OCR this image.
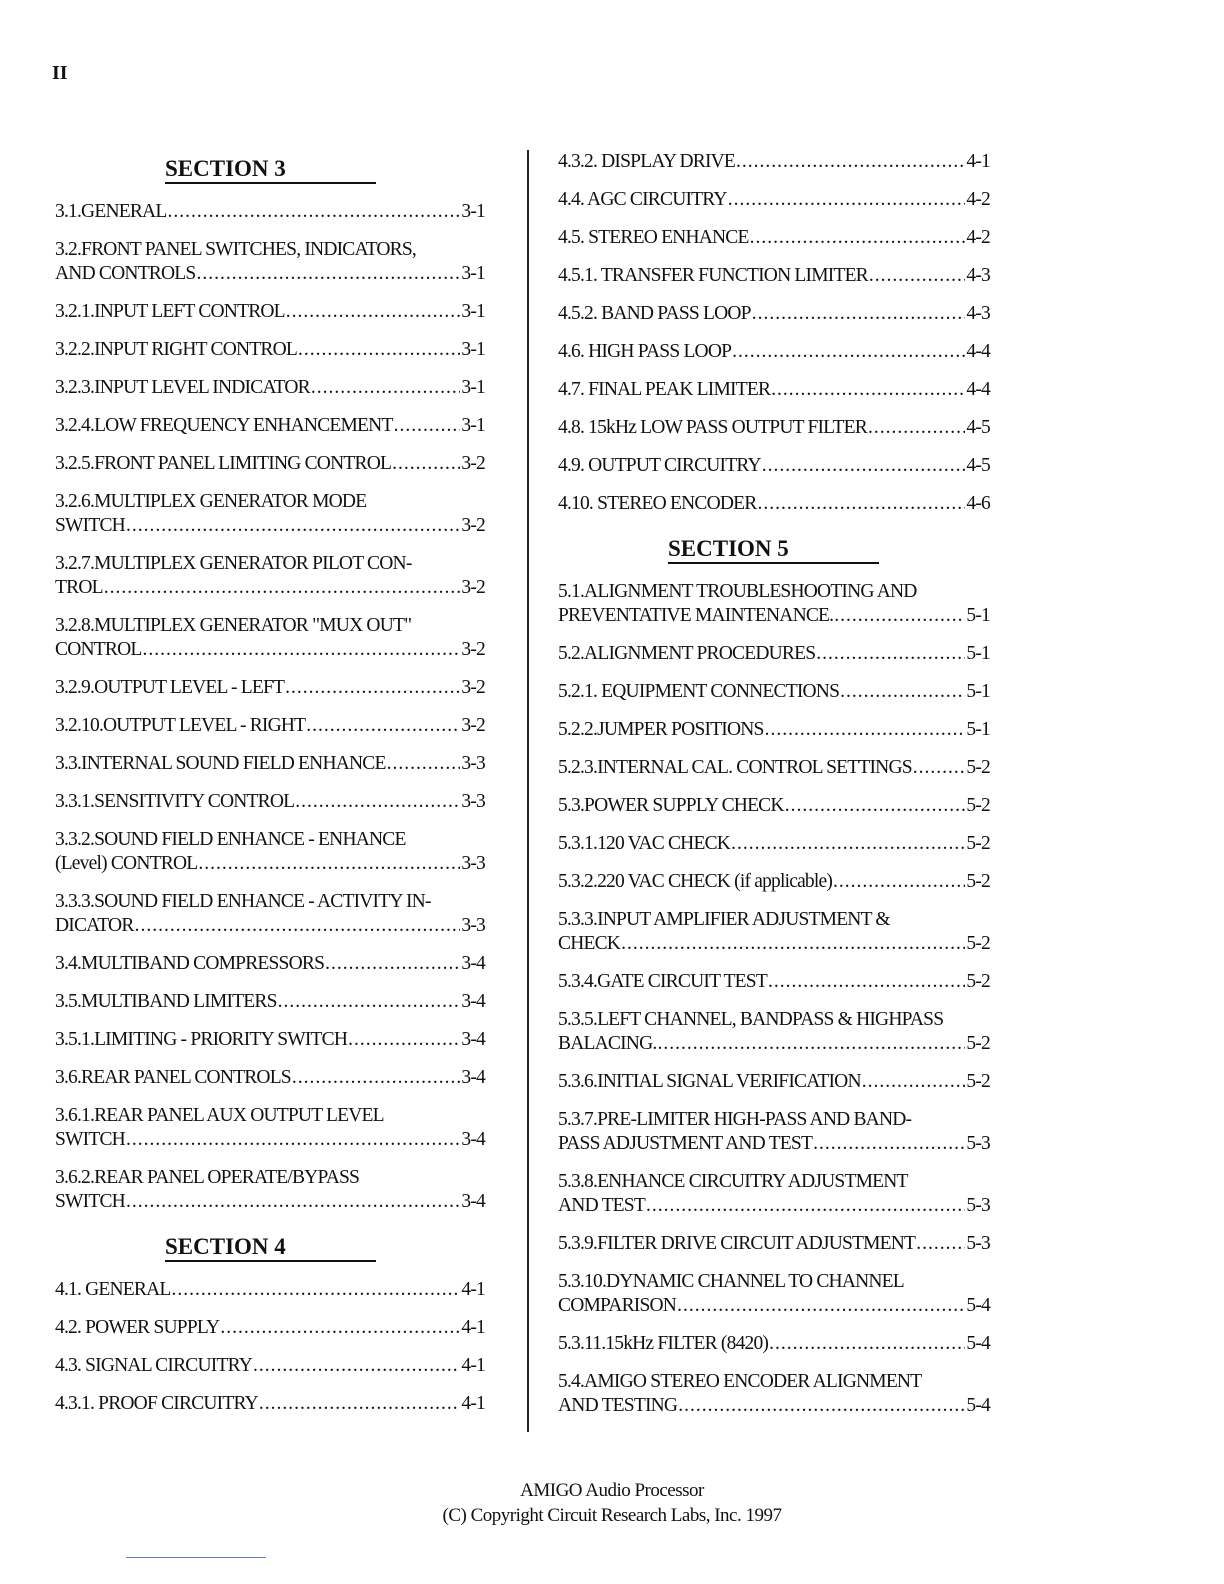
II
SECTION 3
3.1.GENERAL .....	3-1
3.2.FRONT PANEL SWITCHES, INDICATORS,
AND CONTROLS .....	3-1
3.2.1.INPUT LEFT CONTROL .....	3-1
3.2.2.INPUT RIGHT CONTROL .....	3-1
3.2.3.INPUT LEVEL INDICATOR .....	3-1
3.2.4.LOW FREQUENCY ENHANCEMENT .....	3-1
3.2.5.FRONT PANEL LIMITING CONTROL .....	3-2
3.2.6.MULTIPLEX GENERATOR MODE
SWITCH .....	3-2
3.2.7.MULTIPLEX GENERATOR PILOT CON-
TROL .....	3-2
3.2.8.MULTIPLEX GENERATOR "MUX OUT"
CONTROL .....	3-2
3.2.9.OUTPUT LEVEL - LEFT .....	3-2
3.2.10.OUTPUT LEVEL - RIGHT .....	3-2
3.3.INTERNAL SOUND FIELD ENHANCE .....	3-3
3.3.1.SENSITIVITY CONTROL .....	3-3
3.3.2.SOUND FIELD ENHANCE - ENHANCE
(Level) CONTROL .....	3-3
3.3.3.SOUND FIELD ENHANCE - ACTIVITY IN-
DICATOR .....	3-3
3.4.MULTIBAND COMPRESSORS .....	3-4
3.5.MULTIBAND LIMITERS .....	3-4
3.5.1.LIMITING - PRIORITY SWITCH .....	3-4
3.6.REAR PANEL CONTROLS .....	3-4
3.6.1.REAR PANEL AUX OUTPUT LEVEL
SWITCH .....	3-4
3.6.2.REAR PANEL OPERATE/BYPASS
SWITCH .....	3-4
SECTION 4
4.1. GENERAL .....	4-1
4.2. POWER SUPPLY .....	4-1
4.3. SIGNAL CIRCUITRY .....	4-1
4.3.1. PROOF CIRCUITRY .....	4-1
4.3.2. DISPLAY DRIVE .....	4-1
4.4. AGC CIRCUITRY .....	4-2
4.5. STEREO ENHANCE .....	4-2
4.5.1. TRANSFER FUNCTION LIMITER .....	4-3
4.5.2. BAND PASS LOOP .....	4-3
4.6. HIGH PASS LOOP .....	4-4
4.7. FINAL PEAK LIMITER .....	4-4
4.8. 15kHz LOW PASS OUTPUT FILTER .....	4-5
4.9. OUTPUT CIRCUITRY .....	4-5
4.10. STEREO ENCODER .....	4-6
SECTION 5
5.1.ALIGNMENT TROUBLESHOOTING AND
PREVENTATIVE MAINTENANCE. .....	5-1
5.2.ALIGNMENT PROCEDURES .....	5-1
5.2.1. EQUIPMENT CONNECTIONS .....	5-1
5.2.2.JUMPER POSITIONS .....	5-1
5.2.3.INTERNAL CAL. CONTROL SETTINGS .....	5-2
5.3.POWER SUPPLY CHECK .....	5-2
5.3.1.120 VAC CHECK .....	5-2
5.3.2.220 VAC CHECK (if applicable) .....	5-2
5.3.3.INPUT AMPLIFIER ADJUSTMENT &
CHECK .....	5-2
5.3.4.GATE CIRCUIT TEST .....	5-2
5.3.5.LEFT CHANNEL, BANDPASS & HIGHPASS
BALACING. .....	5-2
5.3.6.INITIAL SIGNAL VERIFICATION .....	5-2
5.3.7.PRE-LIMITER HIGH-PASS AND BAND-
PASS ADJUSTMENT AND TEST .....	5-3
5.3.8.ENHANCE CIRCUITRY ADJUSTMENT
AND TEST .....	5-3
5.3.9.FILTER DRIVE CIRCUIT ADJUSTMENT .....	5-3
5.3.10.DYNAMIC CHANNEL TO CHANNEL
COMPARISON .....	5-4
5.3.11.15kHz FILTER (8420) .....	5-4
5.4.AMIGO STEREO ENCODER ALIGNMENT
AND TESTING .....	5-4
AMIGO Audio Processor
(C) Copyright Circuit Research Labs, Inc. 1997
